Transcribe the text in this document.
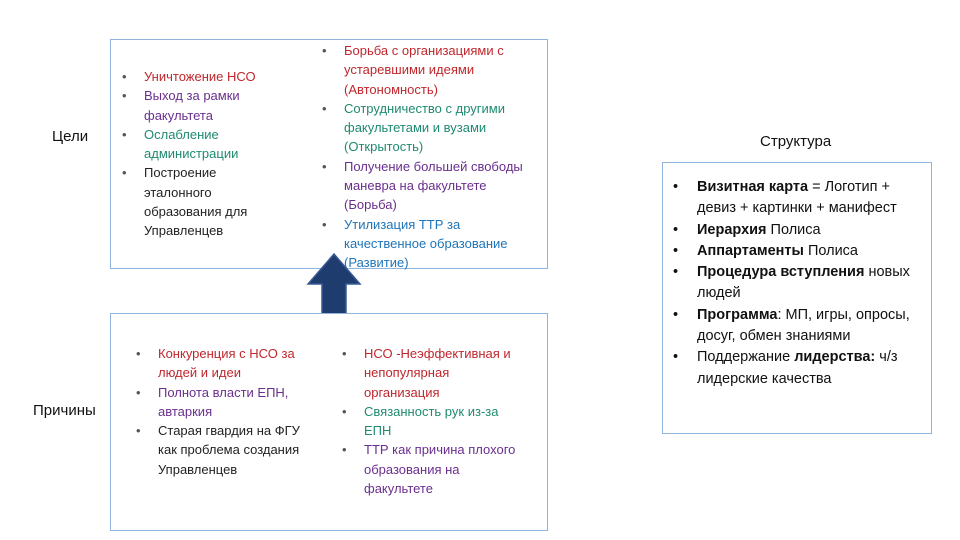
Цели
Причины
Структура
• Уничтожение НСО
• Выход за рамки факультета
• Ослабление администрации
• Построение эталонного образования для Управленцев
• Борьба с организациями с устаревшими идеями (Автономность)
• Сотрудничество с другими факультетами и вузами (Открытость)
• Получение большей свободы маневра на факультете (Борьба)
• Утилизация ТТР за качественное образование (Развитие)
• Конкуренция с НСО за людей и идеи
• Полнота власти ЕПН, автаркия
• Старая гвардия на ФГУ как проблема создания Управленцев
• НСО -Неэффективная и непопулярная организация
• Связанность рук из-за ЕПН
• ТТР как причина плохого образования на факультете
• Визитная карта = Логотип + девиз + картинки + манифест
• Иерархия Полиса
• Аппартаменты Полиса
• Процедура вступления новых людей
• Программа: МП, игры, опросы, досуг, обмен знаниями
• Поддержание лидерства: ч/з лидерские качества
